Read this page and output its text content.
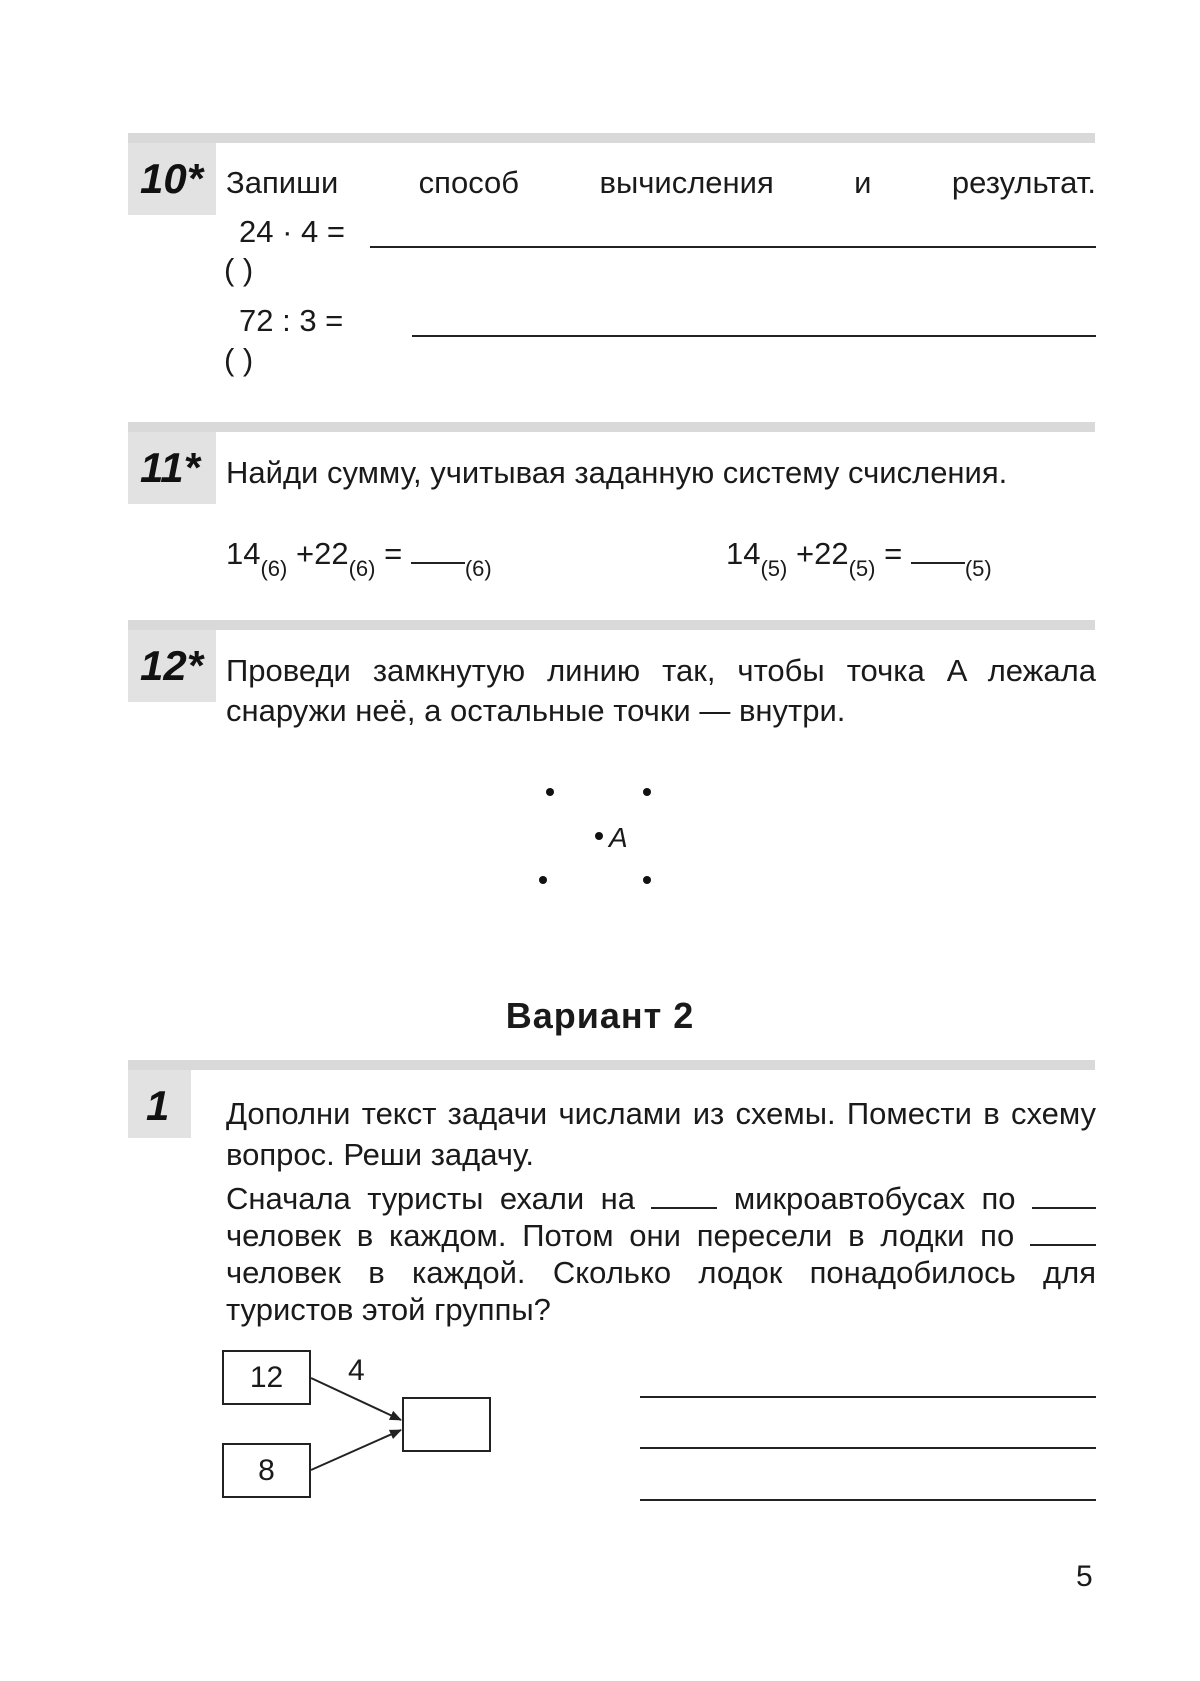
10* Запиши способ вычисления и результат.
24 · 4 =
( )
72 : 3 =
( )
11* Найди сумму, учитывая заданную систему счисления.
$14_{(6)} +22_{(6)}$ =	$_{(6)}$	$14_{(5)} +22_{(5)}$ =	$_{(5)}$
12* Проведи замкнутую линию так, чтобы точка A лежала снаружи неё, а остальные точки — внутри.
A
Вариант 2
1 Дополни текст задачи числами из схемы. Помести в схему вопрос. Реши задачу.
Сначала туристы ехали на	микроавтобусах по  человек в каждом. Потом они пересели в лодки по  человек в каждой. Сколько лодок понадобилось для туристов этой группы?
12
8
4
5
